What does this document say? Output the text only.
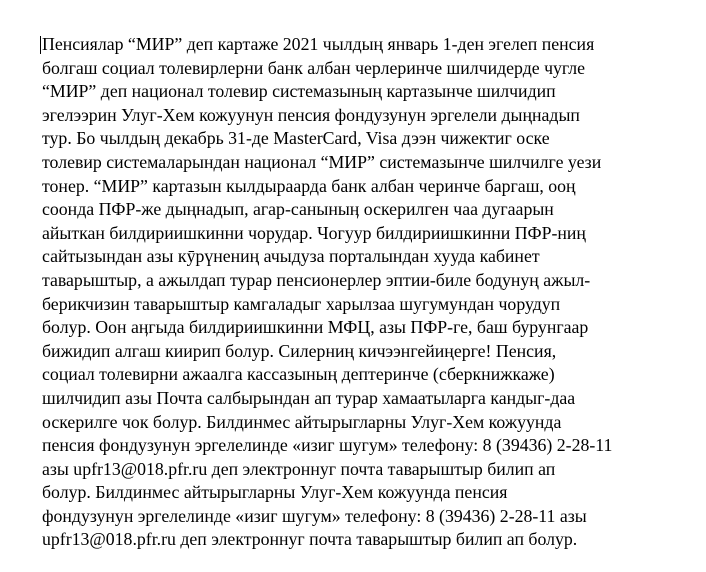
Пенсиялар “МИР” деп картаже 2021 чылдың январь 1-ден эгелеп пенсия
болгаш социал толевирлерни банк албан черлеринче шилчидерде чугле
“МИР” деп национал толевир системазының картазынче шилчидип
эгелээрин Улуг-Хем кожуунун пенсия фондузунун эргелели дыңнадып
тур. Бо чылдың декабрь 31-де MasterCard, Visa дээн чижектиг оске
толевир системаларындан национал “МИР” системазынче шилчилге уези
тонер. “МИР” картазын кылдыраарда банк албан черинче баргаш, ооң
соонда ПФР-же дыңнадып, агар-саныныӊ оскерилген чаа дугаарын
айыткан билдириишкинни чорудар. Чогуур билдириишкинни ПФР-ниң
сайтызындан азы кӯрүнениң ачыдуза порталындан хууда кабинет
таварыштыр, а ажылдап турар пенсионерлер эптии-биле бодунуң ажыл-
берикчизин таварыштыр камгаладыг харылзаа шугумундан чорудуп
болур. Оон аӊгыда билдириишкинни МФЦ, азы ПФР-ге, баш бурунгаар
бижидип алгаш киирип болур. Силерниң кичээнгейиңерге! Пенсия,
социал толевирни ажаалга кассазының дептеринче (сберкнижкаже)
шилчидип азы Почта салбырындан ап турар хамаатыларга кандыг-даа
оскерилге чок болур. Билдинмес айтырыгларны Улуг-Хем кожуунда
пенсия фондузунун эргелелинде «изиг шугум» телефону: 8 (39436) 2-28-11
азы upfr13@018.pfr.ru деп электроннуг почта таварыштыр билип ап
болур. Билдинмес айтырыгларны Улуг-Хем кожуунда пенсия
фондузунун эргелелинде «изиг шугум» телефону: 8 (39436) 2-28-11 азы
upfr13@018.pfr.ru деп электроннуг почта таварыштыр билип ап болур.
